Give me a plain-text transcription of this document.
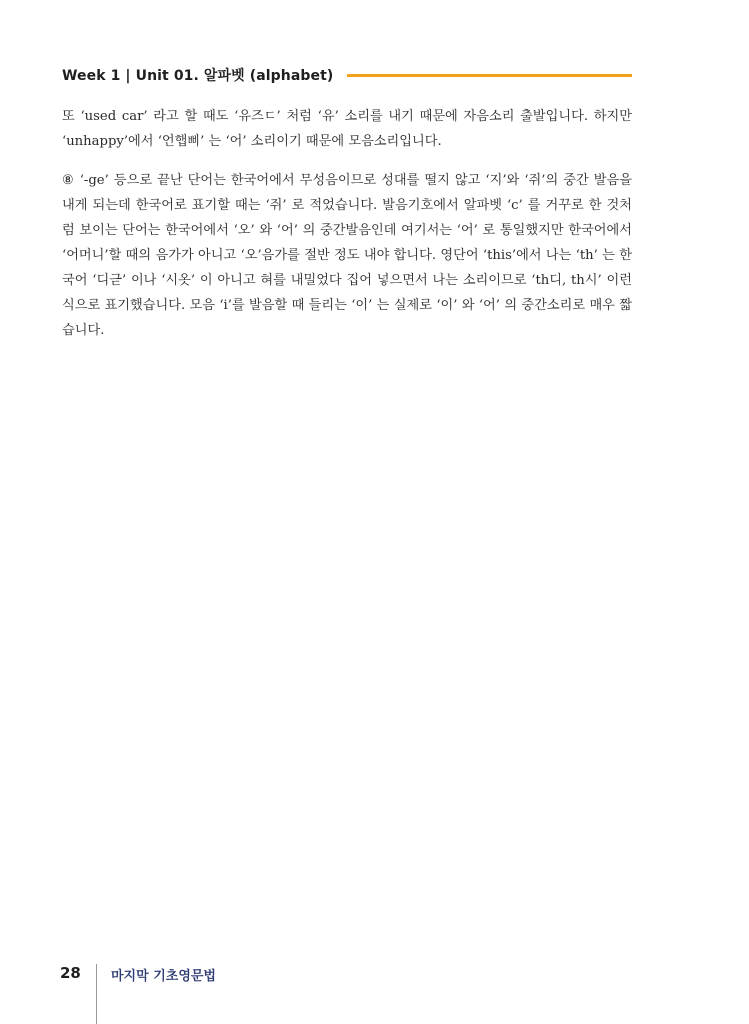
Week 1 | Unit 01. 알파벳 (alphabet)

또 ‘used car’ 라고 할 때도 ‘유즈ㄷ’ 처럼 ‘유’ 소리를 내기 때문에 자음소리 출발입니다. 하지만 ‘unhappy’에서 ‘언햅삐’ 는 ‘어’ 소리이기 때문에 모음소리입니다.

⑧ ‘-ge’ 등으로 끝난 단어는 한국어에서 무성음이므로 성대를 떨지 않고 ‘지’와 ‘쥐’의 중간 발음을 내게 되는데 한국어로 표기할 때는 ‘쥐’ 로 적었습니다. 발음기호에서 알파벳 ‘c’ 를 거꾸로 한 것처럼 보이는 단어는 한국어에서 ‘오’ 와 ‘어’ 의 중간발음인데 여기서는 ‘어’ 로 통일했지만 한국어에서 ‘어머니’할 때의 음가가 아니고 ‘오’음가를 절반 정도 내야 합니다. 영단어 ‘this’에서 나는 ‘th’ 는 한국어 ‘디귿’ 이나 ‘시옷’ 이 아니고 혀를 내밀었다 집어 넣으면서 나는 소리이므로 ‘th디, th시’ 이런 식으로 표기했습니다. 모음 ‘i’를 발음할 때 들리는 ‘이’ 는 실제로 ‘이’ 와 ‘어’ 의 중간소리로 매우 짧습니다.

28 마지막 기초영문법
